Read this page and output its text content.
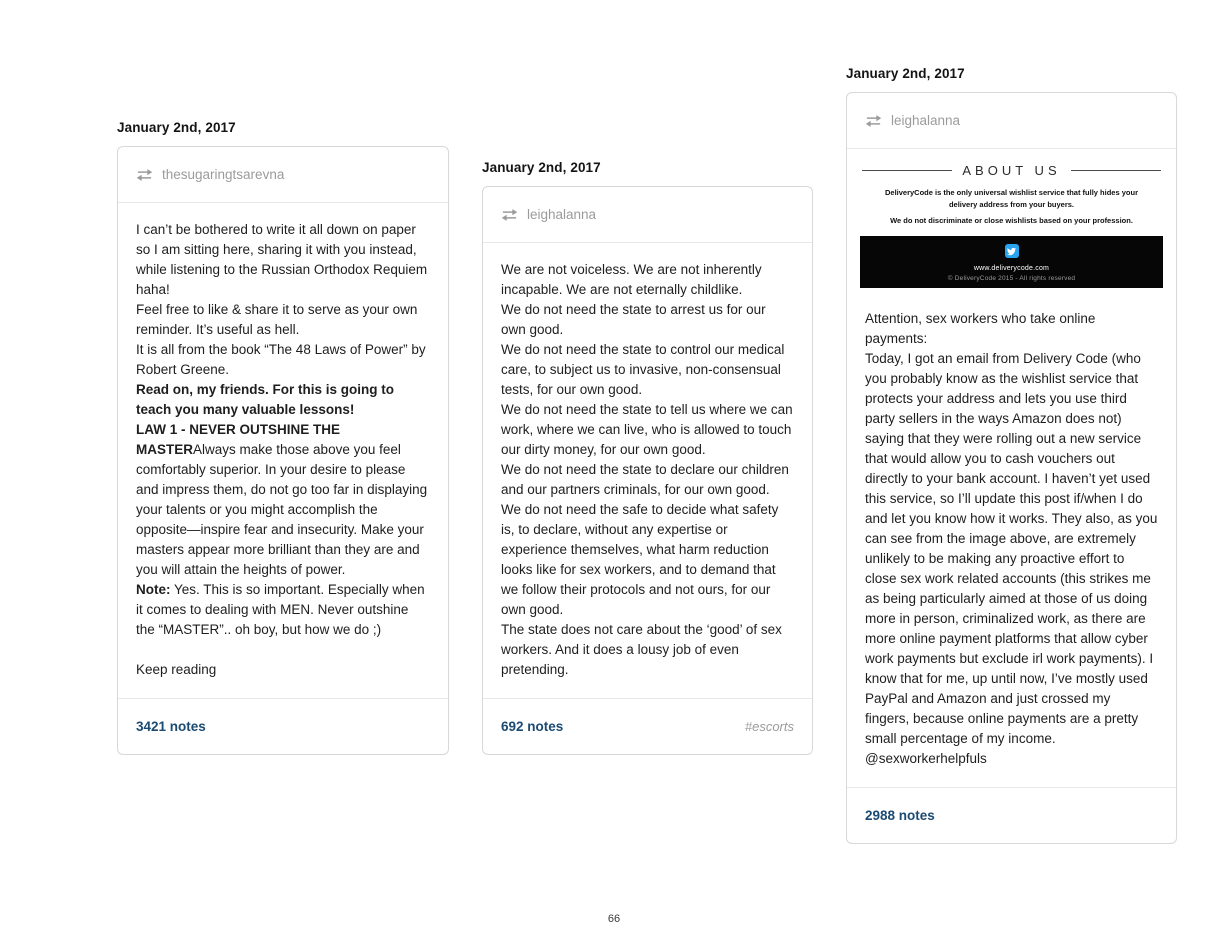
January 2nd, 2017
thesugaringtsarevna
I can’t be bothered to write it all down on paper so I am sitting here, sharing it with you instead, while listening to the Russian Orthodox Requiem haha!
Feel free to like & share it to serve as your own reminder. It’s useful as hell.
It is all from the book “The 48 Laws of Power” by Robert Greene.
Read on, my friends. For this is going to teach you many valuable lessons!
LAW 1 - NEVER OUTSHINE THE MASTERAlways make those above you feel comfortably superior. In your desire to please and impress them, do not go too far in displaying your talents or you might accomplish the opposite—inspire fear and insecurity. Make your masters appear more brilliant than they are and you will attain the heights of power.
Note: Yes. This is so important. Especially when it comes to dealing with MEN. Never outshine the “MASTER”.. oh boy, but how we do ;)
Keep reading
3421 notes
January 2nd, 2017
leighalanna
We are not voiceless. We are not inherently incapable. We are not eternally childlike.
We do not need the state to arrest us for our own good.
We do not need the state to control our medical care, to subject us to invasive, non-consensual tests, for our own good.
We do not need the state to tell us where we can work, where we can live, who is allowed to touch our dirty money, for our own good.
We do not need the state to declare our children and our partners criminals, for our own good.
We do not need the safe to decide what safety is, to declare, without any expertise or experience themselves, what harm reduction looks like for sex workers, and to demand that we follow their protocols and not ours, for our own good.
The state does not care about the ‘good’ of sex workers. And it does a lousy job of even pretending.
692 notes	#escorts
January 2nd, 2017
leighalanna
ABOUT US
DeliveryCode is the only universal wishlist service that fully hides your delivery address from your buyers.
We do not discriminate or close wishlists based on your profession.
www.deliverycode.com
© DeliveryCode 2015 - All rights reserved
Attention, sex workers who take online payments:
Today, I got an email from Delivery Code (who you probably know as the wishlist service that protects your address and lets you use third party sellers in the ways Amazon does not) saying that they were rolling out a new service that would allow you to cash vouchers out directly to your bank account. I haven’t yet used this service, so I’ll update this post if/when I do and let you know how it works. They also, as you can see from the image above, are extremely unlikely to be making any proactive effort to close sex work related accounts (this strikes me as being particularly aimed at those of us doing more in person, criminalized work, as there are more online payment platforms that allow cyber work payments but exclude irl work payments). I know that for me, up until now, I’ve mostly used PayPal and Amazon and just crossed my fingers, because online payments are a pretty small percentage of my income.
@sexworkerhelpfuls
2988 notes
66
